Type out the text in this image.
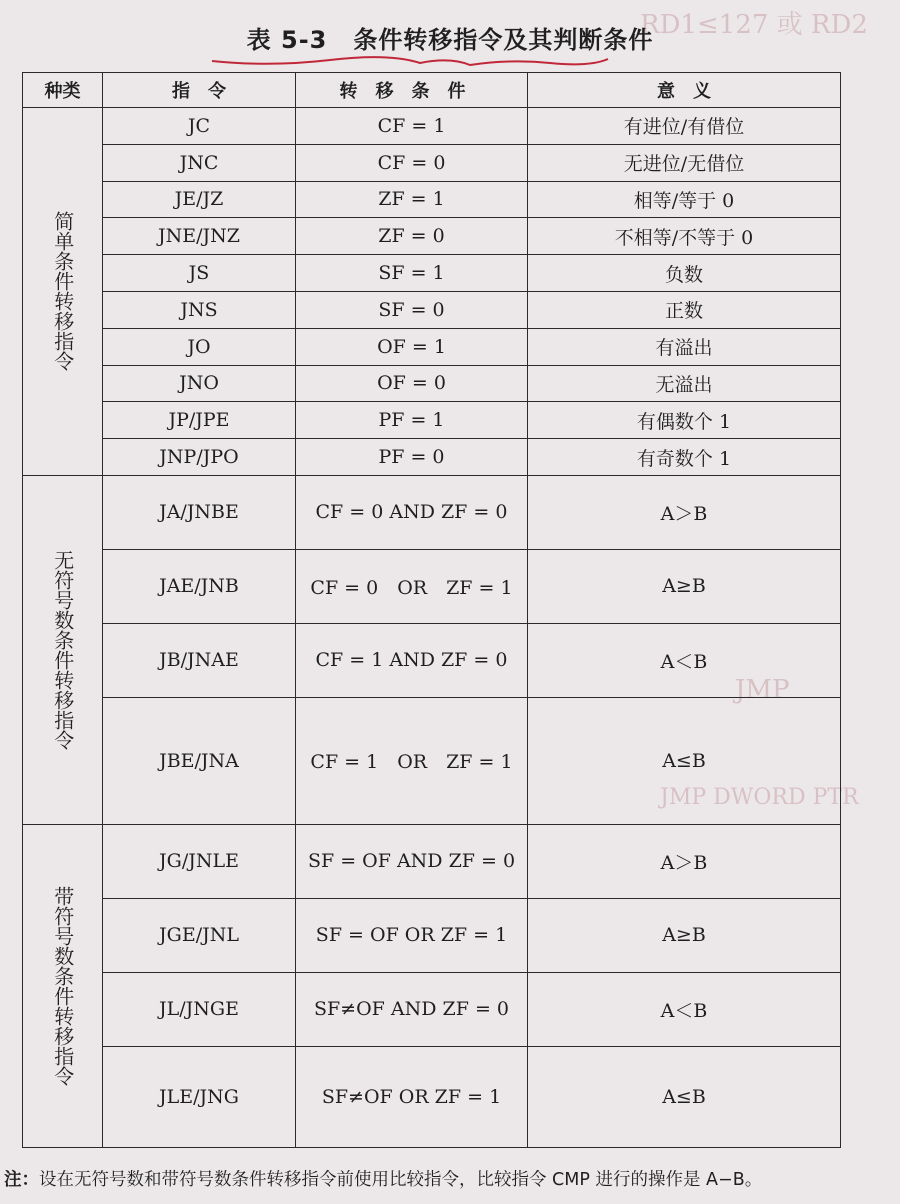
RD1≤127 或 RD2
JMP
JMP DWORD PTR
表 5-3 条件转移指令及其判断条件
种类	指　令	转移条件	意　义

简单条件转移指令	JC	CF = 1	有进位/有借位
	JNC	CF = 0	无进位/无借位
	JE/JZ	ZF = 1	相等/等于 0
	JNE/JNZ	ZF = 0	不相等/不等于 0
	JS	SF = 1	负数
	JNS	SF = 0	正数
	JO	OF = 1	有溢出
	JNO	OF = 0	无溢出
	JP/JPE	PF = 1	有偶数个 1
	JNP/JPO	PF = 0	有奇数个 1

无符号数条件转移指令	JA/JNBE	CF = 0 AND ZF = 0	A＞B
	JAE/JNB	CF = 0　OR　ZF = 1	A≥B
	JB/JNAE	CF = 1 AND ZF = 0	A＜B
	JBE/JNA	CF = 1　OR　ZF = 1	A≤B

带符号数条件转移指令	JG/JNLE	SF = OF AND ZF = 0	A＞B
	JGE/JNL	SF = OF OR ZF = 1	A≥B
	JL/JNGE	SF≠OF AND ZF = 0	A＜B
	JLE/JNG	SF≠OF OR ZF = 1	A≤B
注：设在无符号数和带符号数条件转移指令前使用比较指令，比较指令 CMP 进行的操作是 A−B。
